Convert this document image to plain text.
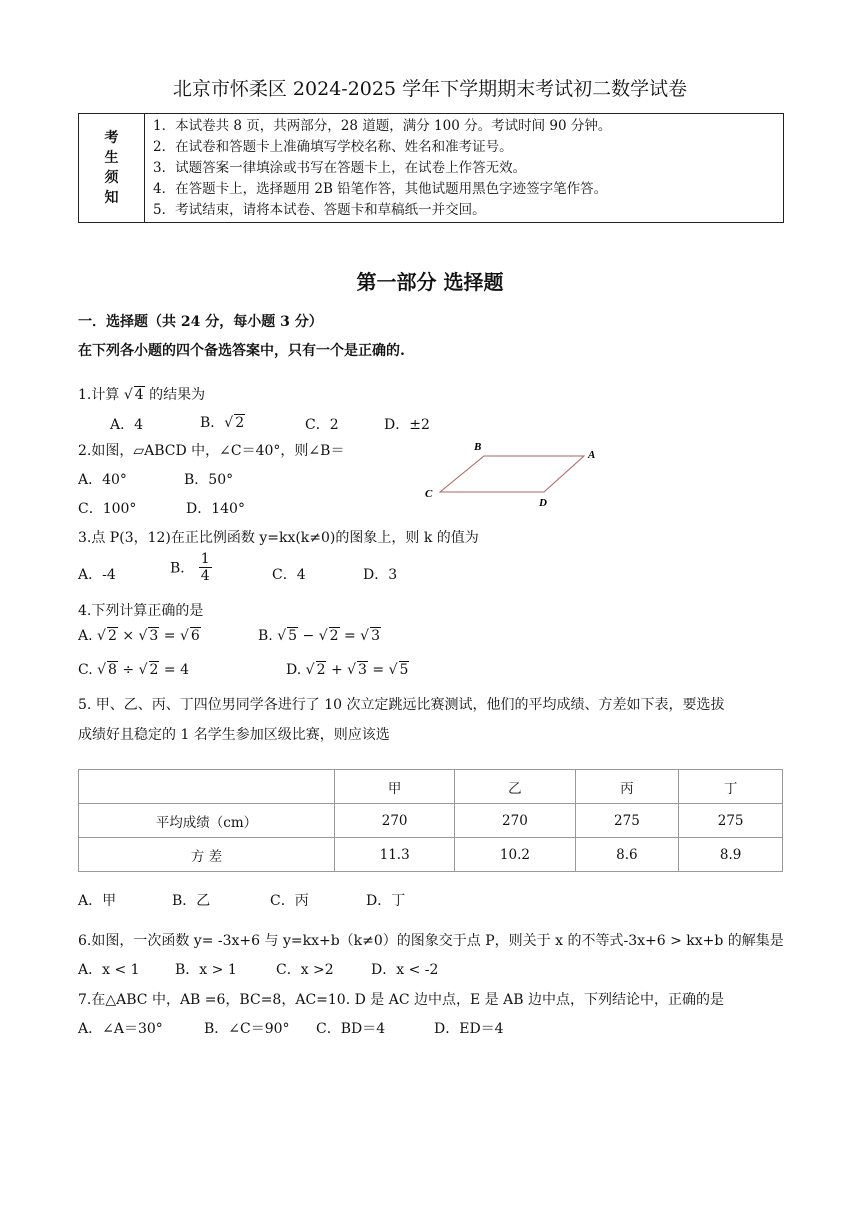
北京市怀柔区 2024-2025 学年下学期期末考试初二数学试卷
考
生
须
知
1．本试卷共 8 页，共两部分，28 道题，满分 100 分。考试时间 90 分钟。
2．在试卷和答题卡上准确填写学校名称、姓名和准考证号。
3．试题答案一律填涂或书写在答题卡上，在试卷上作答无效。
4．在答题卡上，选择题用 2B 铅笔作答，其他试题用黑色字迹签字笔作答。
5．考试结束，请将本试卷、答题卡和草稿纸一并交回。
第一部分 选择题
一．选择题（共 24 分，每小题 3 分）
在下列各小题的四个备选答案中，只有一个是正确的.
1.计算 √ 4 的结果为
A．4	B．√ 2	C．2	D．±2
2.如图，▱ABCD 中，∠C＝40°，则∠B＝
A．40°	B．50°
C．100°	D．140°
B
A
C
D
3.点 P(3，12)在正比例函数 y=kx(k≠0)的图象上，则 k 的值为
A．-4	B． $\frac{1}{4}$	C．4	D．3
4.下列计算正确的是
A. √ 2 × √ 3 = √ 6	B. √ 5 − √ 2 = √ 3
C. √ 8 ÷ √ 2 = 4	D. √ 2 + √ 3 = √ 5
5. 甲、乙、丙、丁四位男同学各进行了 10 次立定跳远比赛测试，他们的平均成绩、方差如下表，要选拔
成绩好且稳定的 1 名学生参加区级比赛，则应该选
	甲	乙	丙	丁
平均成绩（cm）	270	270	275	275
方 差	11.3	10.2	8.6	8.9
A．甲	B．乙	C．丙	D．丁
6.如图，一次函数 y= -3x+6 与 y=kx+b（k≠0）的图象交于点 P，则关于 x 的不等式-3x+6 > kx+b 的解集是
A．x < 1	B．x > 1	C．x >2	D．x < -2
7.在△ABC 中，AB =6，BC=8，AC=10. D 是 AC 边中点，E 是 AB 边中点，下列结论中，正确的是
A．∠A＝30°	B．∠C＝90° C．BD＝4	D．ED＝4
